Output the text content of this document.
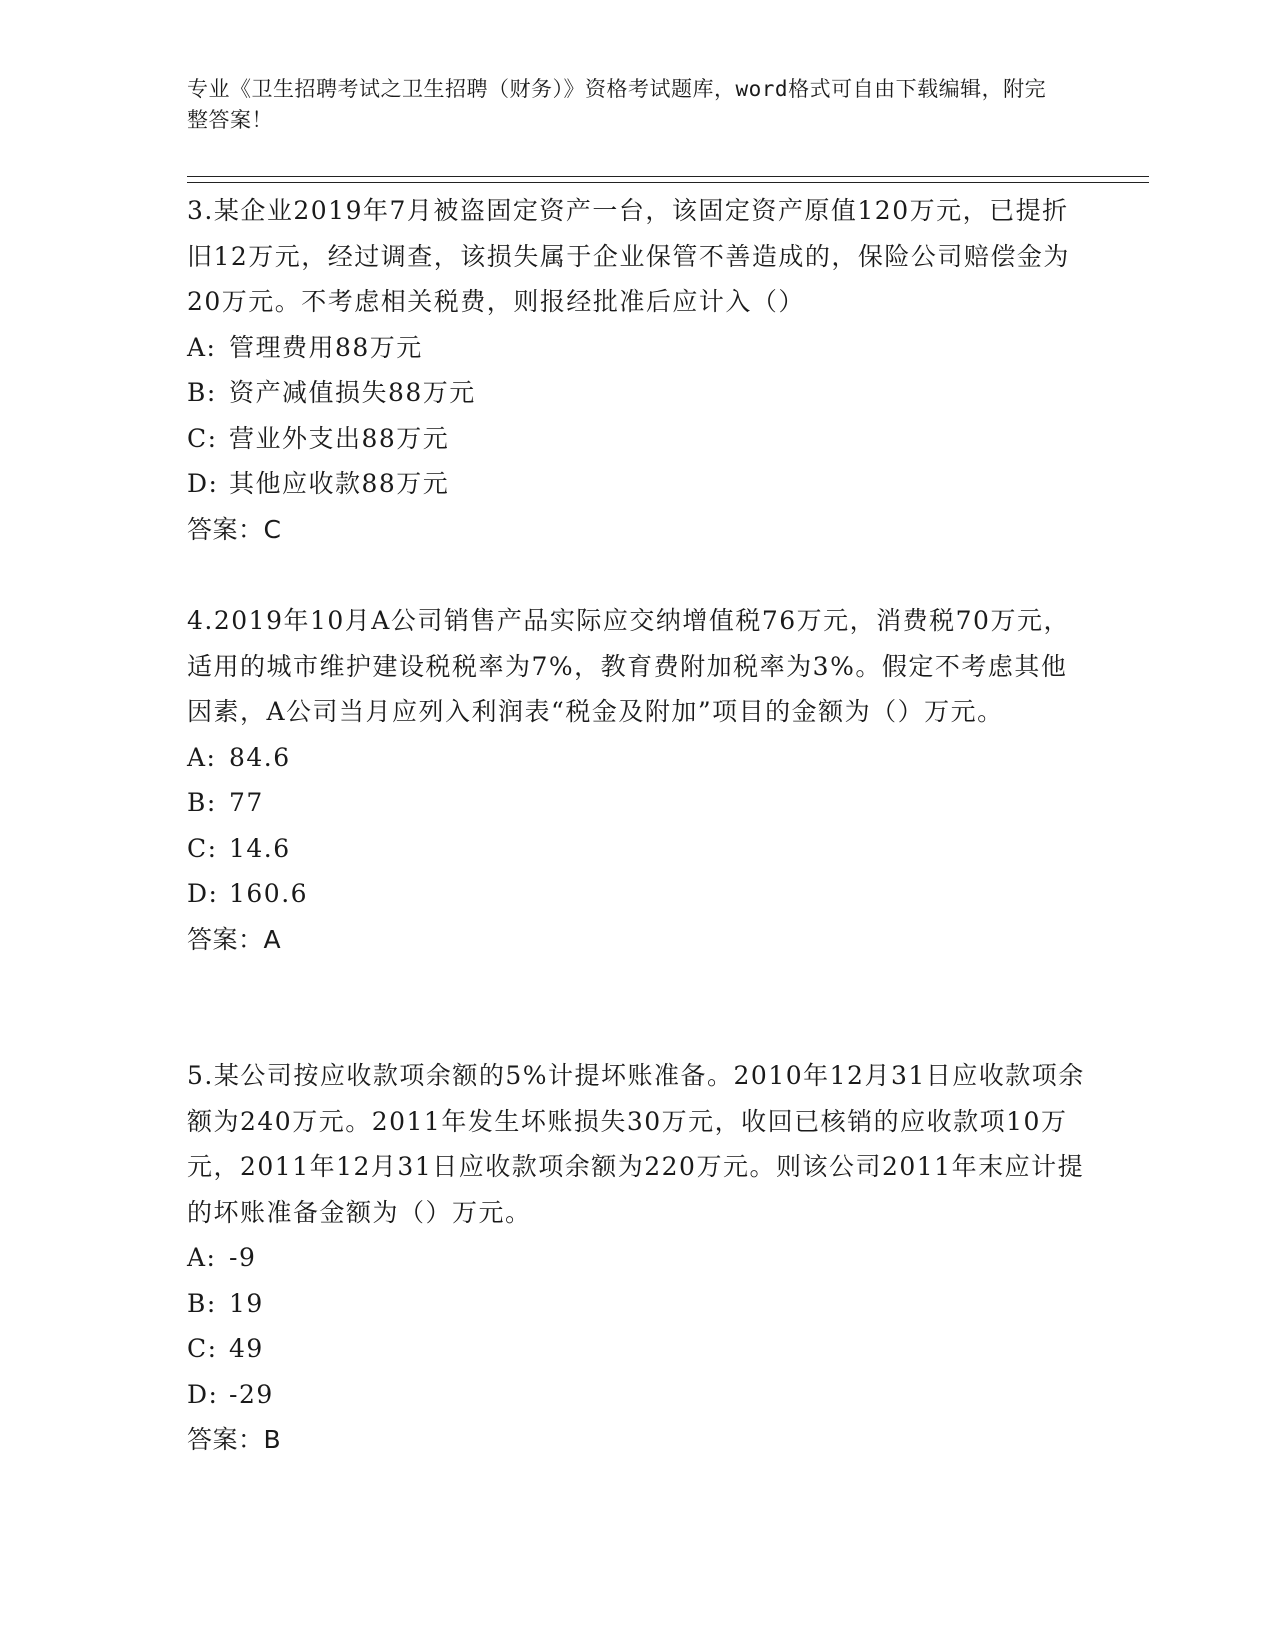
专业《卫生招聘考试之卫生招聘（财务）》资格考试题库，word格式可自由下载编辑，附完整答案！

3.某企业2019年7月被盗固定资产一台，该固定资产原值120万元，已提折旧12万元，经过调查，该损失属于企业保管不善造成的，保险公司赔偿金为20万元。不考虑相关税费，则报经批准后应计入（）

A: 管理费用88万元

B: 资产减值损失88万元

C: 营业外支出88万元

D: 其他应收款88万元

答案：C

4.2019年10月A公司销售产品实际应交纳增值税76万元，消费税70万元，适用的城市维护建设税税率为7%，教育费附加税率为3%。假定不考虑其他因素，A公司当月应列入利润表“税金及附加”项目的金额为（）万元。

A: 84.6

B: 77

C: 14.6

D: 160.6

答案：A

5.某公司按应收款项余额的5%计提坏账准备。2010年12月31日应收款项余额为240万元。2011年发生坏账损失30万元，收回已核销的应收款项10万元，2011年12月31日应收款项余额为220万元。则该公司2011年末应计提的坏账准备金额为（）万元。

A: -9

B: 19

C: 49

D: -29

答案：B
